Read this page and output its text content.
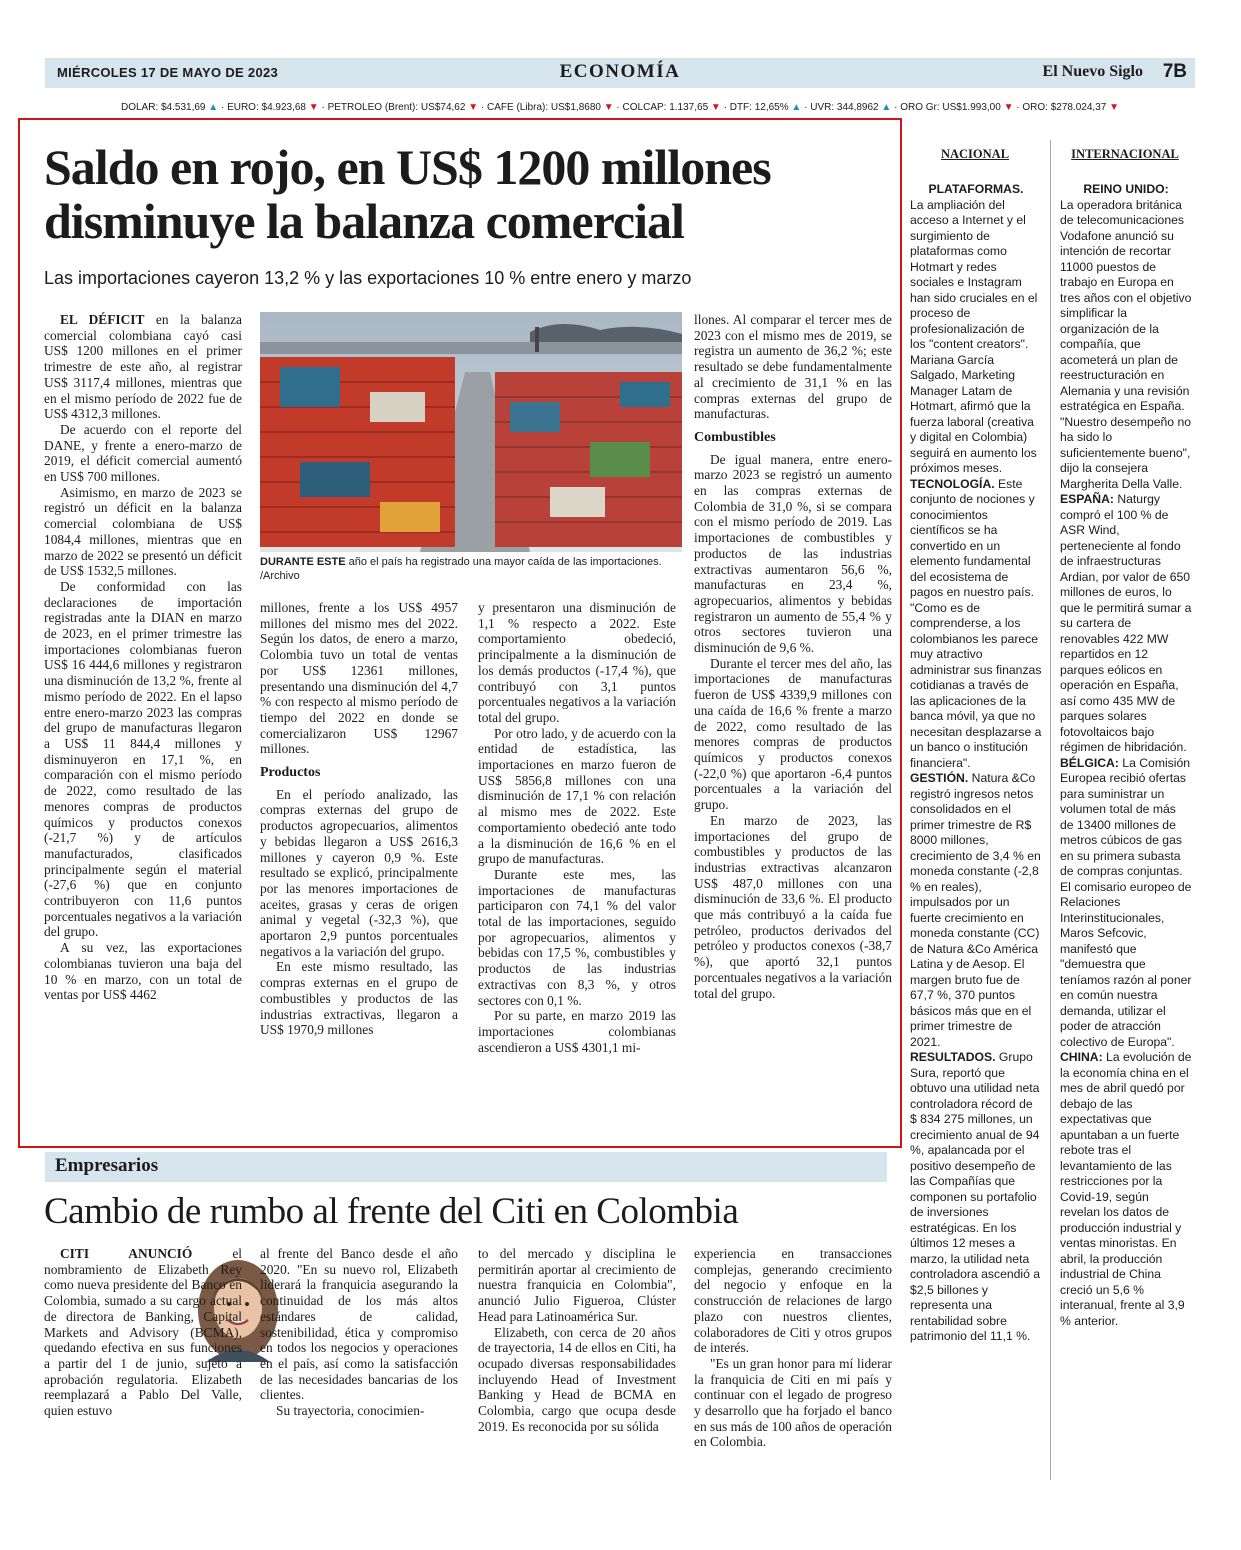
MIÉRCOLES 17 DE MAYO DE 2023	ECONOMÍA	El Nuevo Siglo 7B
DÓLAR: $4.531,69 ▲ · EURO: $4.923,68 ▼ · PETRÓLEO (Brent): US$74,62 ▼ · CAFÉ (Libra): US$1,8680 ▼ · COLCAP: 1.137,65 ▼ · DTF: 12,65% ▲ · UVR: 344,8962 ▲ · ORO Gr: US$1.993,00 ▼ · ORO: $278.024,37 ▼
Saldo en rojo, en US$ 1200 millones disminuye la balanza comercial
Las importaciones cayeron 13,2 % y las exportaciones 10 % entre enero y marzo

EL DÉFICIT en la balanza comercial colombiana cayó casi US$ 1200 millones en el primer trimestre de este año, al registrar US$ 3117,4 millones, mientras que en el mismo período de 2022 fue de US$ 4312,3 millones.

De acuerdo con el reporte del DANE, y frente a enero-marzo de 2019, el déficit comercial aumentó en US$ 700 millones.

Asimismo, en marzo de 2023 se registró un déficit en la balanza comercial colombiana de US$ 1084,4 millones, mientras que en marzo de 2022 se presentó un déficit de US$ 1532,5 millones.

De conformidad con las declaraciones de importación registradas ante la DIAN en marzo de 2023, en el primer trimestre las importaciones colombianas fueron US$ 16 444,6 millones y registraron una disminución de 13,2 %, frente al mismo período de 2022. En el lapso entre enero-marzo 2023 las compras del grupo de manufacturas llegaron a US$ 11 844,4 millones y disminuyeron en 17,1 %, en comparación con el mismo período de 2022, como resultado de las menores compras de productos químicos y productos conexos (-21,7 %) y de artículos manufacturados, clasificados principalmente según el material (-27,6 %) que en conjunto contribuyeron con 11,6 puntos porcentuales negativos a la variación del grupo.

A su vez, las exportaciones colombianas tuvieron una baja del 10 % en marzo, con un total de ventas por US$ 4462

DURANTE ESTE año el país ha registrado una mayor caída de las importaciones. /Archivo

millones, frente a los US$ 4957 millones del mismo mes del 2022. Según los datos, de enero a marzo, Colombia tuvo un total de ventas por US$ 12361 millones, presentando una disminución del 4,7 % con respecto al mismo período de tiempo del 2022 en donde se comercializaron US$ 12967 millones.

Productos

En el período analizado, las compras externas del grupo de productos agropecuarios, alimentos y bebidas llegaron a US$ 2616,3 millones y cayeron 0,9 %. Este resultado se explicó, principalmente por las menores importaciones de aceites, grasas y ceras de origen animal y vegetal (-32,3 %), que aportaron 2,9 puntos porcentuales negativos a la variación del grupo.

En este mismo resultado, las compras externas en el grupo de combustibles y productos de las industrias extractivas, llegaron a US$ 1970,9 millones

y presentaron una disminución de 1,1 % respecto a 2022. Este comportamiento obedeció, principalmente a la disminución de los demás productos (-17,4 %), que contribuyó con 3,1 puntos porcentuales negativos a la variación total del grupo.

Por otro lado, y de acuerdo con la entidad de estadística, las importaciones en marzo fueron de US$ 5856,8 millones con una disminución de 17,1 % con relación al mismo mes de 2022. Este comportamiento obedeció ante todo a la disminución de 16,6 % en el grupo de manufacturas.

Durante este mes, las importaciones de manufacturas participaron con 74,1 % del valor total de las importaciones, seguido por agropecuarios, alimentos y bebidas con 17,5 %, combustibles y productos de las industrias extractivas con 8,3 %, y otros sectores con 0,1 %.

Por su parte, en marzo 2019 las importaciones colombianas ascendieron a US$ 4301,1 mi-

llones. Al comparar el tercer mes de 2023 con el mismo mes de 2019, se registra un aumento de 36,2 %; este resultado se debe fundamentalmente al crecimiento de 31,1 % en las compras externas del grupo de manufacturas.

Combustibles

De igual manera, entre enero-marzo 2023 se registró un aumento en las compras externas de Colombia de 31,0 %, si se compara con el mismo período de 2019. Las importaciones de combustibles y productos de las industrias extractivas aumentaron 56,6 %, manufacturas en 23,4 %, agropecuarios, alimentos y bebidas registraron un aumento de 55,4 % y otros sectores tuvieron una disminución de 9,6 %.

Durante el tercer mes del año, las importaciones de manufacturas fueron de US$ 4339,9 millones con una caída de 16,6 % frente a marzo de 2022, como resultado de las menores compras de productos químicos y productos conexos (-22,0 %) que aportaron -6,4 puntos porcentuales a la variación del grupo.

En marzo de 2023, las importaciones del grupo de combustibles y productos de las industrias extractivas alcanzaron US$ 487,0 millones con una disminución de 33,6 %. El producto que más contribuyó a la caída fue petróleo, productos derivados del petróleo y productos conexos (-38,7 %), que aportó 32,1 puntos porcentuales negativos a la variación total del grupo.

NACIONAL

PLATAFORMAS.

La ampliación del acceso a Internet y el surgimiento de plataformas como Hotmart y redes sociales e Instagram han sido cruciales en el proceso de profesionalización de los "content creators". Mariana García Salgado, Marketing Manager Latam de Hotmart, afirmó que la fuerza laboral (creativa y digital en Colombia) seguirá en aumento los próximos meses.

TECNOLOGÍA. Este conjunto de nociones y conocimientos científicos se ha convertido en un elemento fundamental del ecosistema de pagos en nuestro país. "Como es de comprenderse, a los colombianos les parece muy atractivo administrar sus finanzas cotidianas a través de las aplicaciones de la banca móvil, ya que no necesitan desplazarse a un banco o institución financiera".

GESTIÓN. Natura &Co registró ingresos netos consolidados en el primer trimestre de R$ 8000 millones, crecimiento de 3,4 % en moneda constante (-2,8 % en reales), impulsados por un fuerte crecimiento en moneda constante (CC) de Natura &Co América Latina y de Aesop. El margen bruto fue de 67,7 %, 370 puntos básicos más que en el primer trimestre de 2021.

RESULTADOS. Grupo Sura, reportó que obtuvo una utilidad neta controladora récord de $ 834 275 millones, un crecimiento anual de 94 %, apalancada por el positivo desempeño de las Compañías que componen su portafolio de inversiones estratégicas. En los últimos 12 meses a marzo, la utilidad neta controladora ascendió a $2,5 billones y representa una rentabilidad sobre patrimonio del 11,1 %.

INTERNACIONAL

REINO UNIDO:

La operadora británica de telecomunicaciones Vodafone anunció su intención de recortar 11000 puestos de trabajo en Europa en tres años con el objetivo simplificar la organización de la compañía, que acometerá un plan de reestructuración en Alemania y una revisión estratégica en España. "Nuestro desempeño no ha sido lo suficientemente bueno", dijo la consejera Margherita Della Valle.

ESPAÑA: Naturgy compró el 100 % de ASR Wind, perteneciente al fondo de infraestructuras Ardian, por valor de 650 millones de euros, lo que le permitirá sumar a su cartera de renovables 422 MW repartidos en 12 parques eólicos en operación en España, así como 435 MW de parques solares fotovoltaicos bajo régimen de hibridación.

BÉLGICA: La Comisión Europea recibió ofertas para suministrar un volumen total de más de 13400 millones de metros cúbicos de gas en su primera subasta de compras conjuntas. El comisario europeo de Relaciones Interinstitucionales, Maros Sefcovic, manifestó que "demuestra que teníamos razón al poner en común nuestra demanda, utilizar el poder de atracción colectivo de Europa".

CHINA: La evolución de la economía china en el mes de abril quedó por debajo de las expectativas que apuntaban a un fuerte rebote tras el levantamiento de las restricciones por la Covid-19, según revelan los datos de producción industrial y ventas minoristas. En abril, la producción industrial de China creció un 5,6 % interanual, frente al 3,9 % anterior.

Empresarios
Cambio de rumbo al frente del Citi en Colombia

CITI ANUNCIÓ el nombramiento de Elizabeth Rey como nueva presidente del Banco en Colombia, sumado a su cargo actual de directora de Banking, Capital Markets and Advisory (BCMA), quedando efectiva en sus funciones a partir del 1 de junio, sujeto a aprobación regulatoria. Elizabeth reemplazará a Pablo Del Valle, quien estuvo

al frente del Banco desde el año 2020. "En su nuevo rol, Elizabeth liderará la franquicia asegurando la continuidad de los más altos estándares de calidad, sostenibilidad, ética y compromiso en todos los negocios y operaciones en el país, así como la satisfacción de las necesidades bancarias de los clientes.

Su trayectoria, conocimien-

to del mercado y disciplina le permitirán aportar al crecimiento de nuestra franquicia en Colombia", anunció Julio Figueroa, Clúster Head para Latinoamérica Sur.

Elizabeth, con cerca de 20 años de trayectoria, 14 de ellos en Citi, ha ocupado diversas responsabilidades incluyendo Head of Investment Banking y Head de BCMA en Colombia, cargo que ocupa desde 2019. Es reconocida por su sólida

experiencia en transacciones complejas, generando crecimiento del negocio y enfoque en la construcción de relaciones de largo plazo con nuestros clientes, colaboradores de Citi y otros grupos de interés.

"Es un gran honor para mí liderar la franquicia de Citi en mi país y continuar con el legado de progreso y desarrollo que ha forjado el banco en sus más de 100 años de operación en Colombia.
